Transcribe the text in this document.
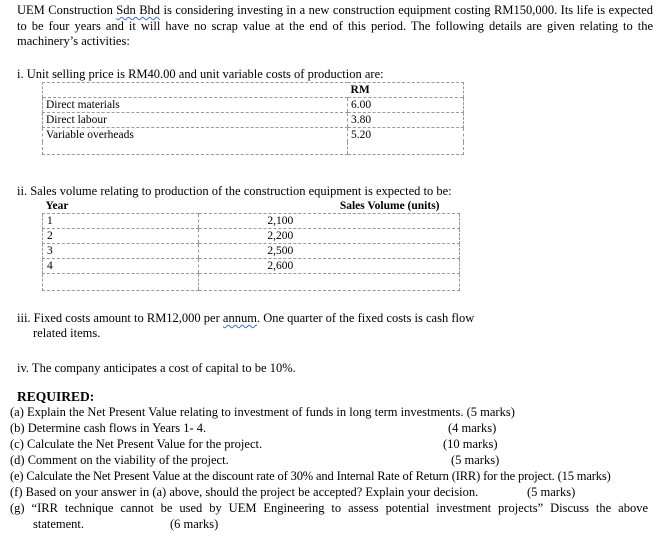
UEM Construction Sdn Bhd is considering investing in a new construction equipment costing RM150,000. Its life is expected to be four years and it will have no scrap value at the end of this period. The following details are given relating to the machinery’s activities:
i. Unit selling price is RM40.00 and unit variable costs of production are:
	RM
Direct materials	6.00
Direct labour	3.80
Variable overheads	5.20

ii. Sales volume relating to production of the construction equipment is expected to be:
Year	Sales Volume (units)
1	2,100
2	2,200
3	2,500
4	2,600

iii. Fixed costs amount to RM12,000 per annum. One quarter of the fixed costs is cash flow
related items.
iv. The company anticipates a cost of capital to be 10%.
REQUIRED:
(a) Explain the Net Present Value relating to investment of funds in long term investments. (5 marks)
(b) Determine cash flows in Years 1- 4.	(4 marks)
(c) Calculate the Net Present Value for the project.	(10 marks)
(d) Comment on the viability of the project.	(5 marks)
(e) Calculate the Net Present Value at the discount rate of 30% and Internal Rate of Return (IRR) for the project. (15 marks)
(f) Based on your answer in (a) above, should the project be accepted? Explain your decision.	(5 marks)
(g) “IRR technique cannot be used by UEM Engineering to assess potential investment projects” Discuss the above
statement.	(6 marks)
